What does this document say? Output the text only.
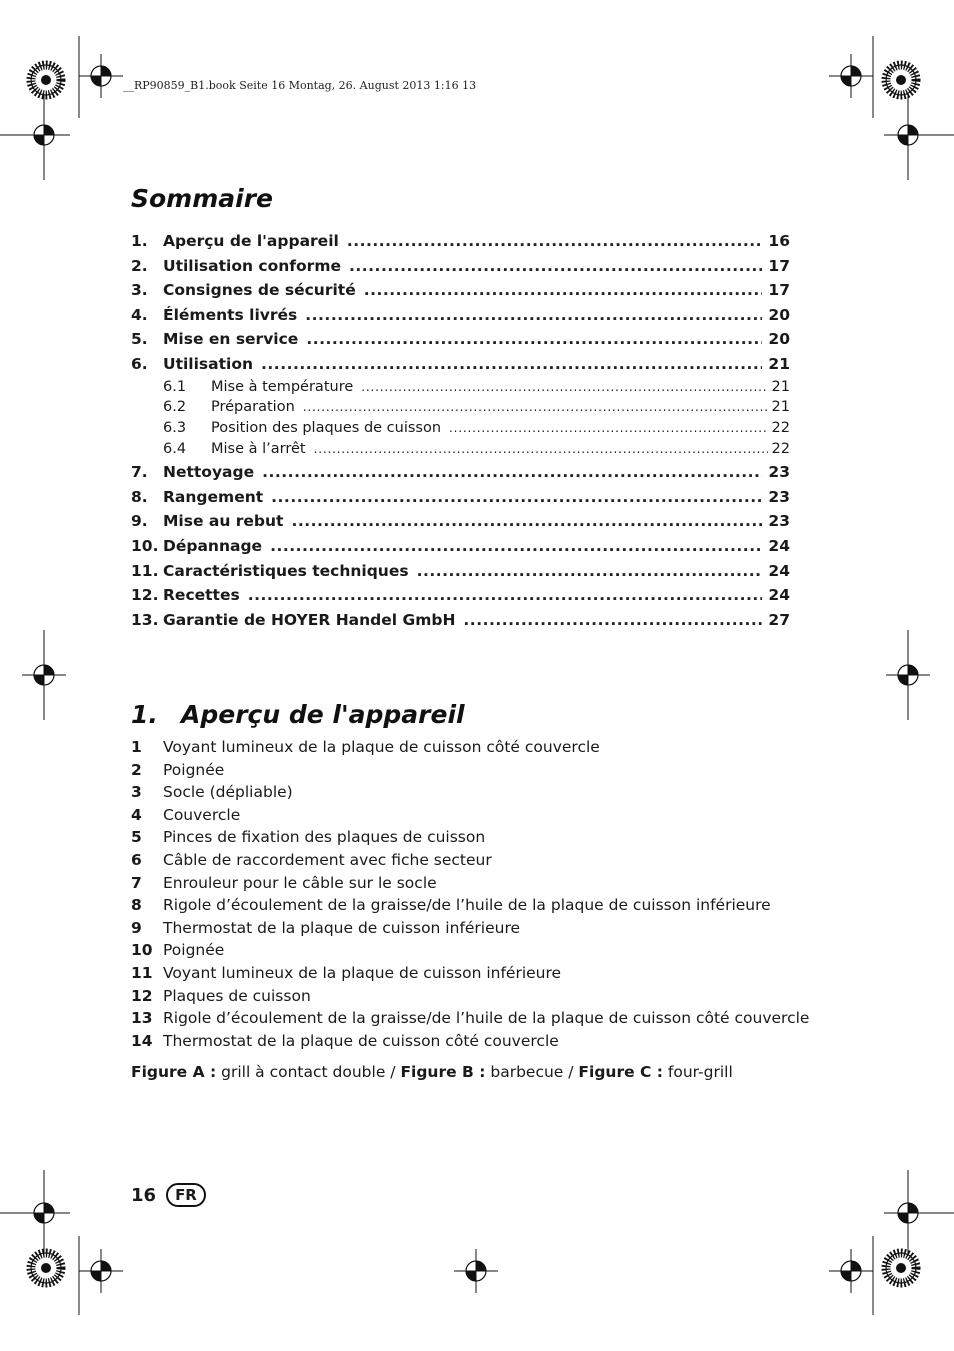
__RP90859_B1.book Seite 16 Montag, 26. August 2013 1:16 13
Sommaire
1. Aperçu de l'appareil .....	16
2. Utilisation conforme .....	17
3. Consignes de sécurité .....	17
4. Éléments livrés .....	20
5. Mise en service .....	20
6. Utilisation .....	21
6.1	Mise à température .....	21
6.2	Préparation .....	21
6.3	Position des plaques de cuisson .....	22
6.4	Mise à l’arrêt .....	22
7. Nettoyage .....	23
8. Rangement .....	23
9. Mise au rebut .....	23
10. Dépannage .....	24
11. Caractéristiques techniques .....	24
12. Recettes .....	24
13. Garantie de HOYER Handel GmbH .....	27
1. Aperçu de l'appareil
1	Voyant lumineux de la plaque de cuisson côté couvercle
2	Poignée
3	Socle (dépliable)
4	Couvercle
5	Pinces de fixation des plaques de cuisson
6	Câble de raccordement avec fiche secteur
7	Enrouleur pour le câble sur le socle
8	Rigole d’écoulement de la graisse/de l’huile de la plaque de cuisson inférieure
9	Thermostat de la plaque de cuisson inférieure
10 Poignée
11 Voyant lumineux de la plaque de cuisson inférieure
12 Plaques de cuisson
13 Rigole d’écoulement de la graisse/de l’huile de la plaque de cuisson côté couvercle
14 Thermostat de la plaque de cuisson côté couvercle
Figure A : grill à contact double / Figure B : barbecue / Figure C : four-grill
16	FR
